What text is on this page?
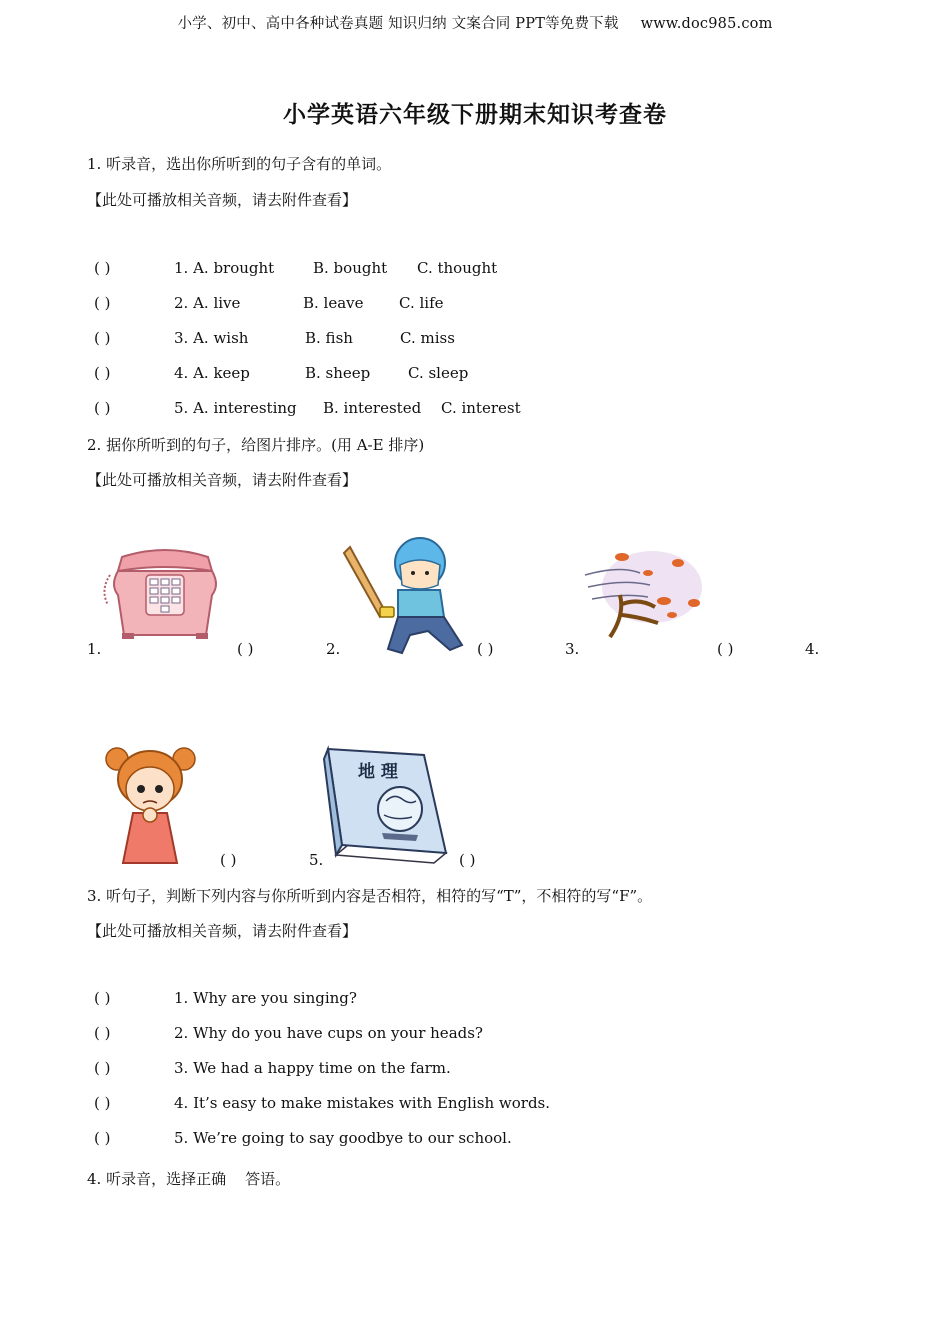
小学、初中、高中各种试卷真题 知识归纳 文案合同 PPT等免费下载 www.doc985.com
小学英语六年级下册期末知识考查卷
1. 听录音，选出你所听到的句子含有的单词。
【此处可播放相关音频，请去附件查看】
( )	1. A. brought	B. bought C. thought
( )	2. A. live	B. leave C. life
( )	3. A. wish	B. fish	C. miss
( )	4. A. keep	B. sheep	C. sleep
( )	5. A. interesting B. interested C. interest
2. 据你所听到的句子，给图片排序。(用 A-E 排序)
【此处可播放相关音频，请去附件查看】
1.	( )	2.	( )	3.	( )	4.
( )	5.
地 理
( )
3. 听句子，判断下列内容与你所听到内容是否相符，相符的写“T”，不相符的写“F”。
【此处可播放相关音频，请去附件查看】
( )	1. Why are you singing?
( )	2. Why do you have cups on your heads?
( )	3. We had a happy time on the farm.
( )	4. It’s easy to make mistakes with English words.
( )	5. We’re going to say goodbye to our school.
4. 听录音，选择正确    答语。
